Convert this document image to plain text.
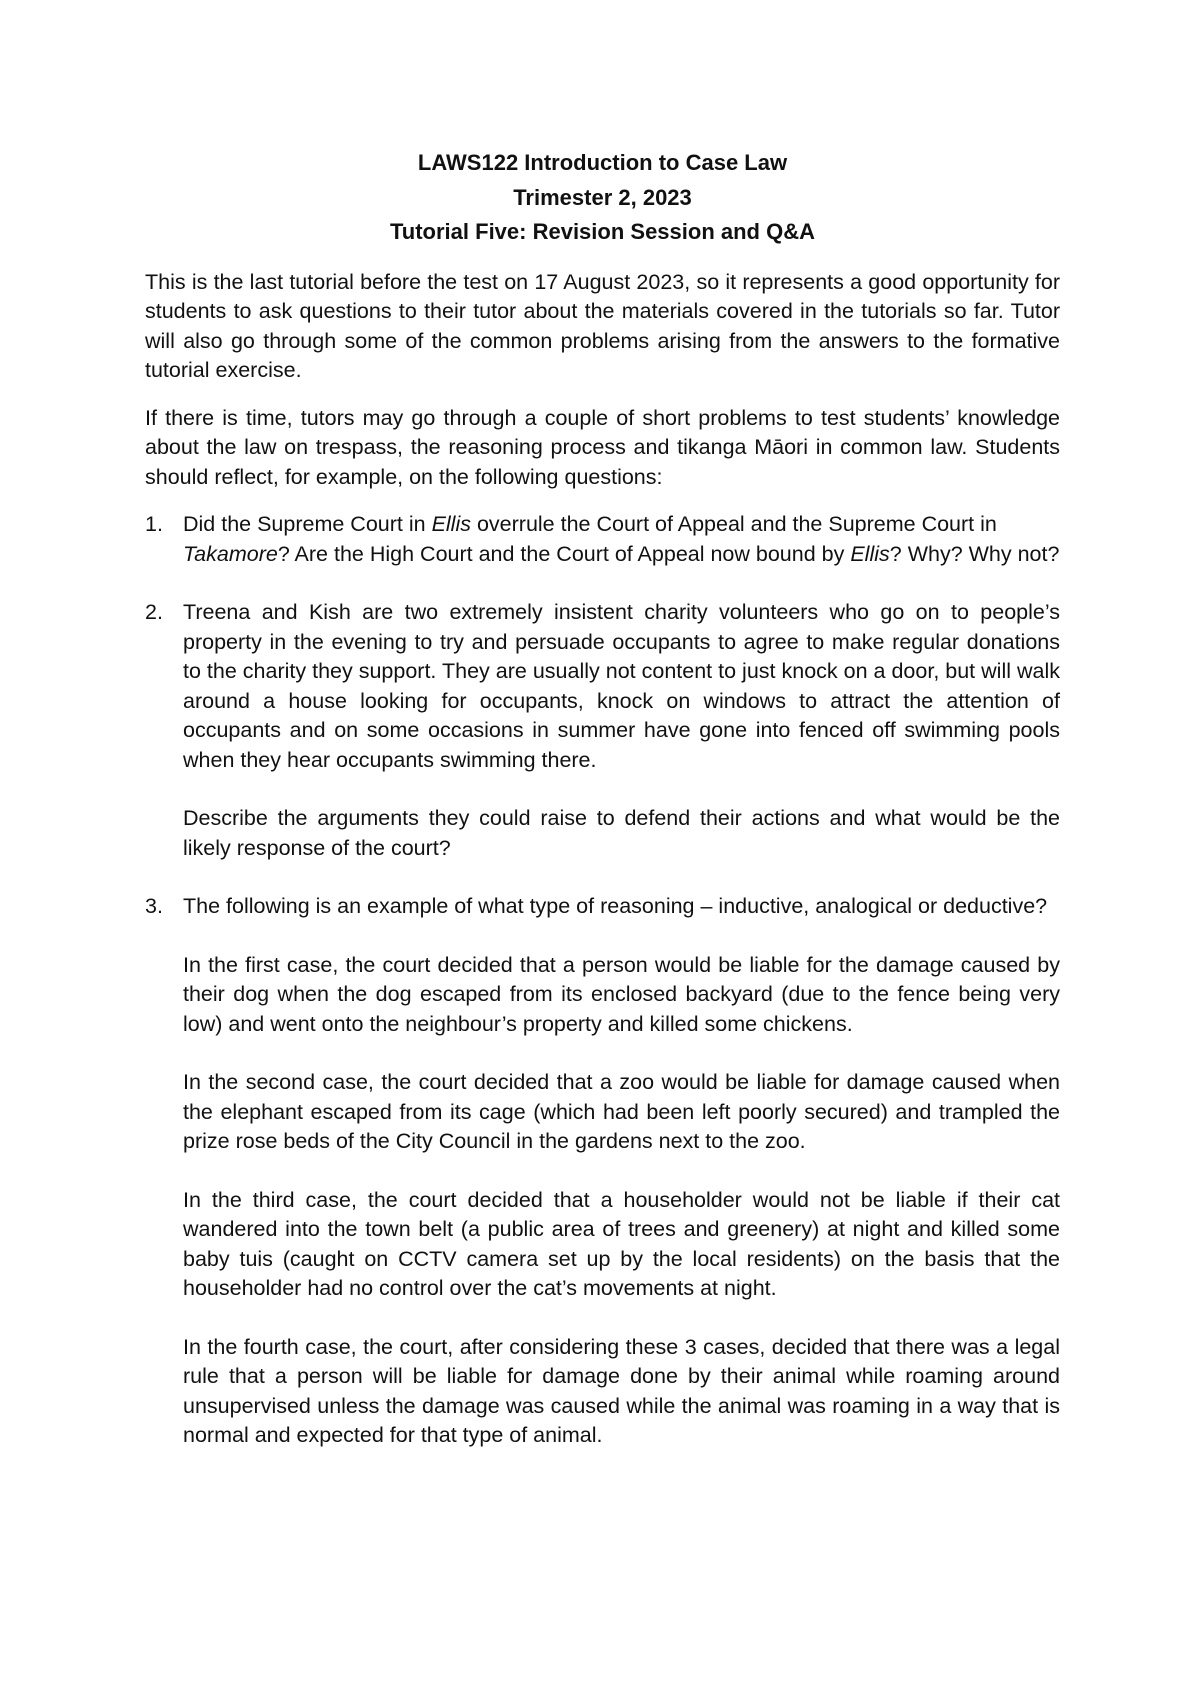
LAWS122 Introduction to Case Law
Trimester 2, 2023
Tutorial Five: Revision Session and Q&A

This is the last tutorial before the test on 17 August 2023, so it represents a good opportunity for students to ask questions to their tutor about the materials covered in the tutorials so far. Tutor will also go through some of the common problems arising from the answers to the formative tutorial exercise.

If there is time, tutors may go through a couple of short problems to test students’ knowledge about the law on trespass, the reasoning process and tikanga Māori in common law. Students should reflect, for example, on the following questions:

1. Did the Supreme Court in Ellis overrule the Court of Appeal and the Supreme Court in Takamore? Are the High Court and the Court of Appeal now bound by Ellis? Why? Why not?

2. Treena and Kish are two extremely insistent charity volunteers who go on to people’s property in the evening to try and persuade occupants to agree to make regular donations to the charity they support. They are usually not content to just knock on a door, but will walk around a house looking for occupants, knock on windows to attract the attention of occupants and on some occasions in summer have gone into fenced off swimming pools when they hear occupants swimming there.

Describe the arguments they could raise to defend their actions and what would be the likely response of the court?

3. The following is an example of what type of reasoning – inductive, analogical or deductive?

In the first case, the court decided that a person would be liable for the damage caused by their dog when the dog escaped from its enclosed backyard (due to the fence being very low) and went onto the neighbour’s property and killed some chickens.

In the second case, the court decided that a zoo would be liable for damage caused when the elephant escaped from its cage (which had been left poorly secured) and trampled the prize rose beds of the City Council in the gardens next to the zoo.

In the third case, the court decided that a householder would not be liable if their cat wandered into the town belt (a public area of trees and greenery) at night and killed some baby tuis (caught on CCTV camera set up by the local residents) on the basis that the householder had no control over the cat’s movements at night.

In the fourth case, the court, after considering these 3 cases, decided that there was a legal rule that a person will be liable for damage done by their animal while roaming around unsupervised unless the damage was caused while the animal was roaming in a way that is normal and expected for that type of animal.
